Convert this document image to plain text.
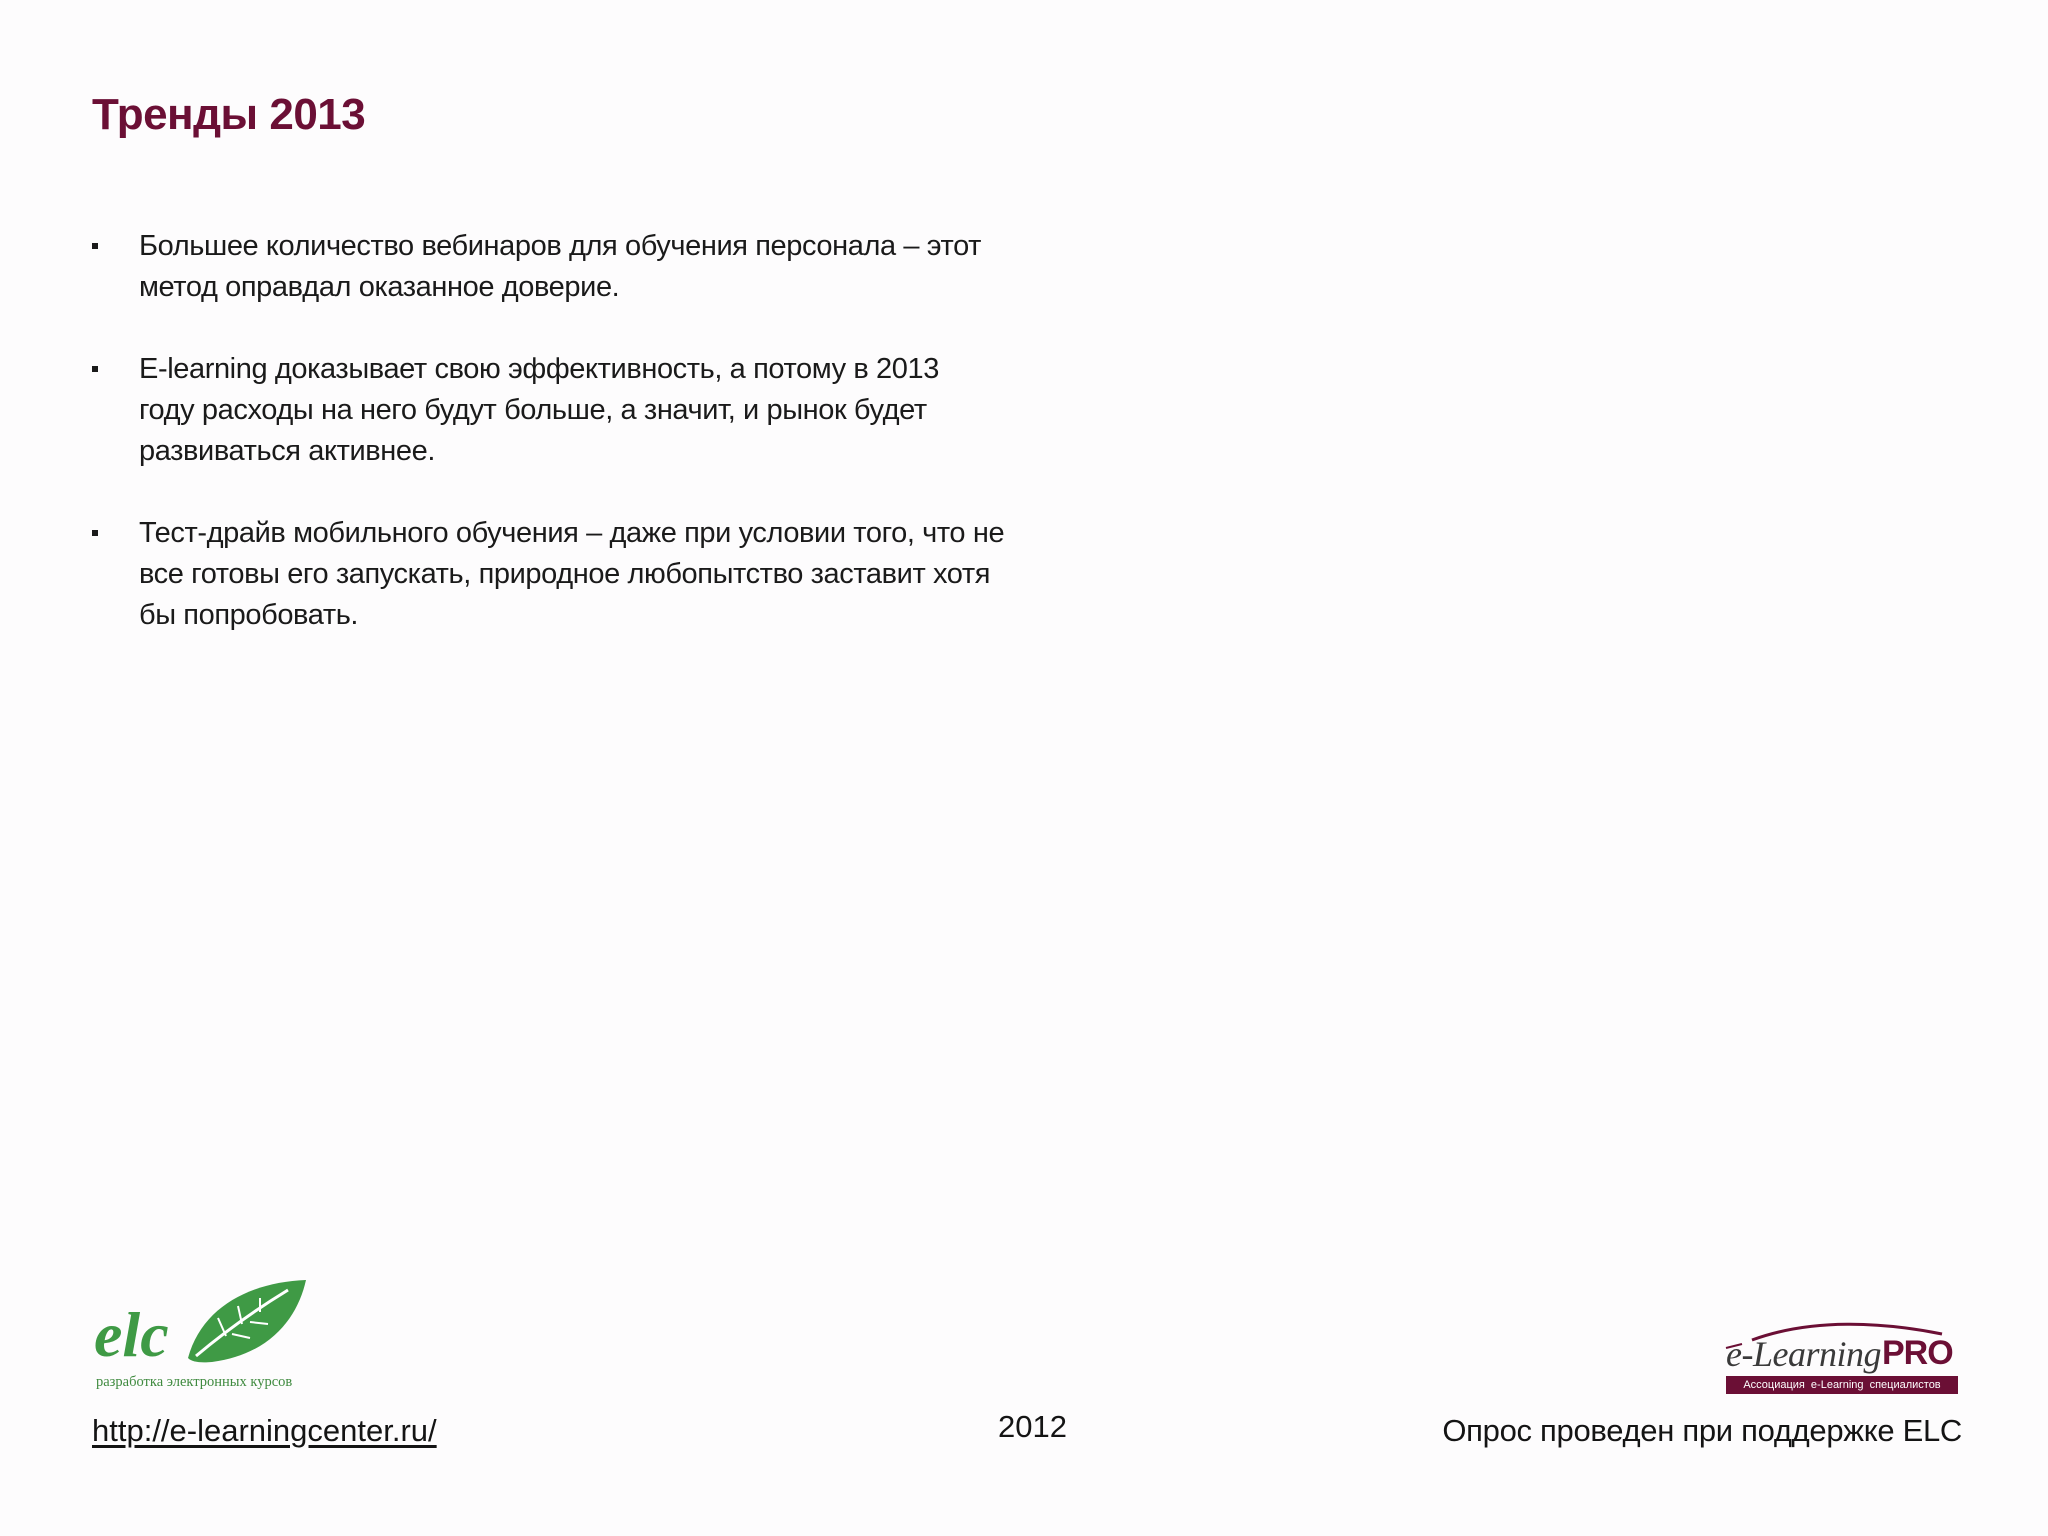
Тренды 2013
Большее количество вебинаров для обучения персонала – этот
метод оправдал оказанное доверие.
E-learning доказывает свою эффективность, а потому в 2013
году расходы на него будут больше, а значит, и рынок будет
развиваться активнее.
Тест-драйв мобильного обучения – даже при условии того, что не
все готовы его запускать, природное любопытство заставит хотя
бы попробовать.
elc
разработка электронных курсов
e-Learning PRO
Ассоциация e-Learning специалистов
http://e-learningcenter.ru/	2012	Опрос проведен при поддержке ELC
